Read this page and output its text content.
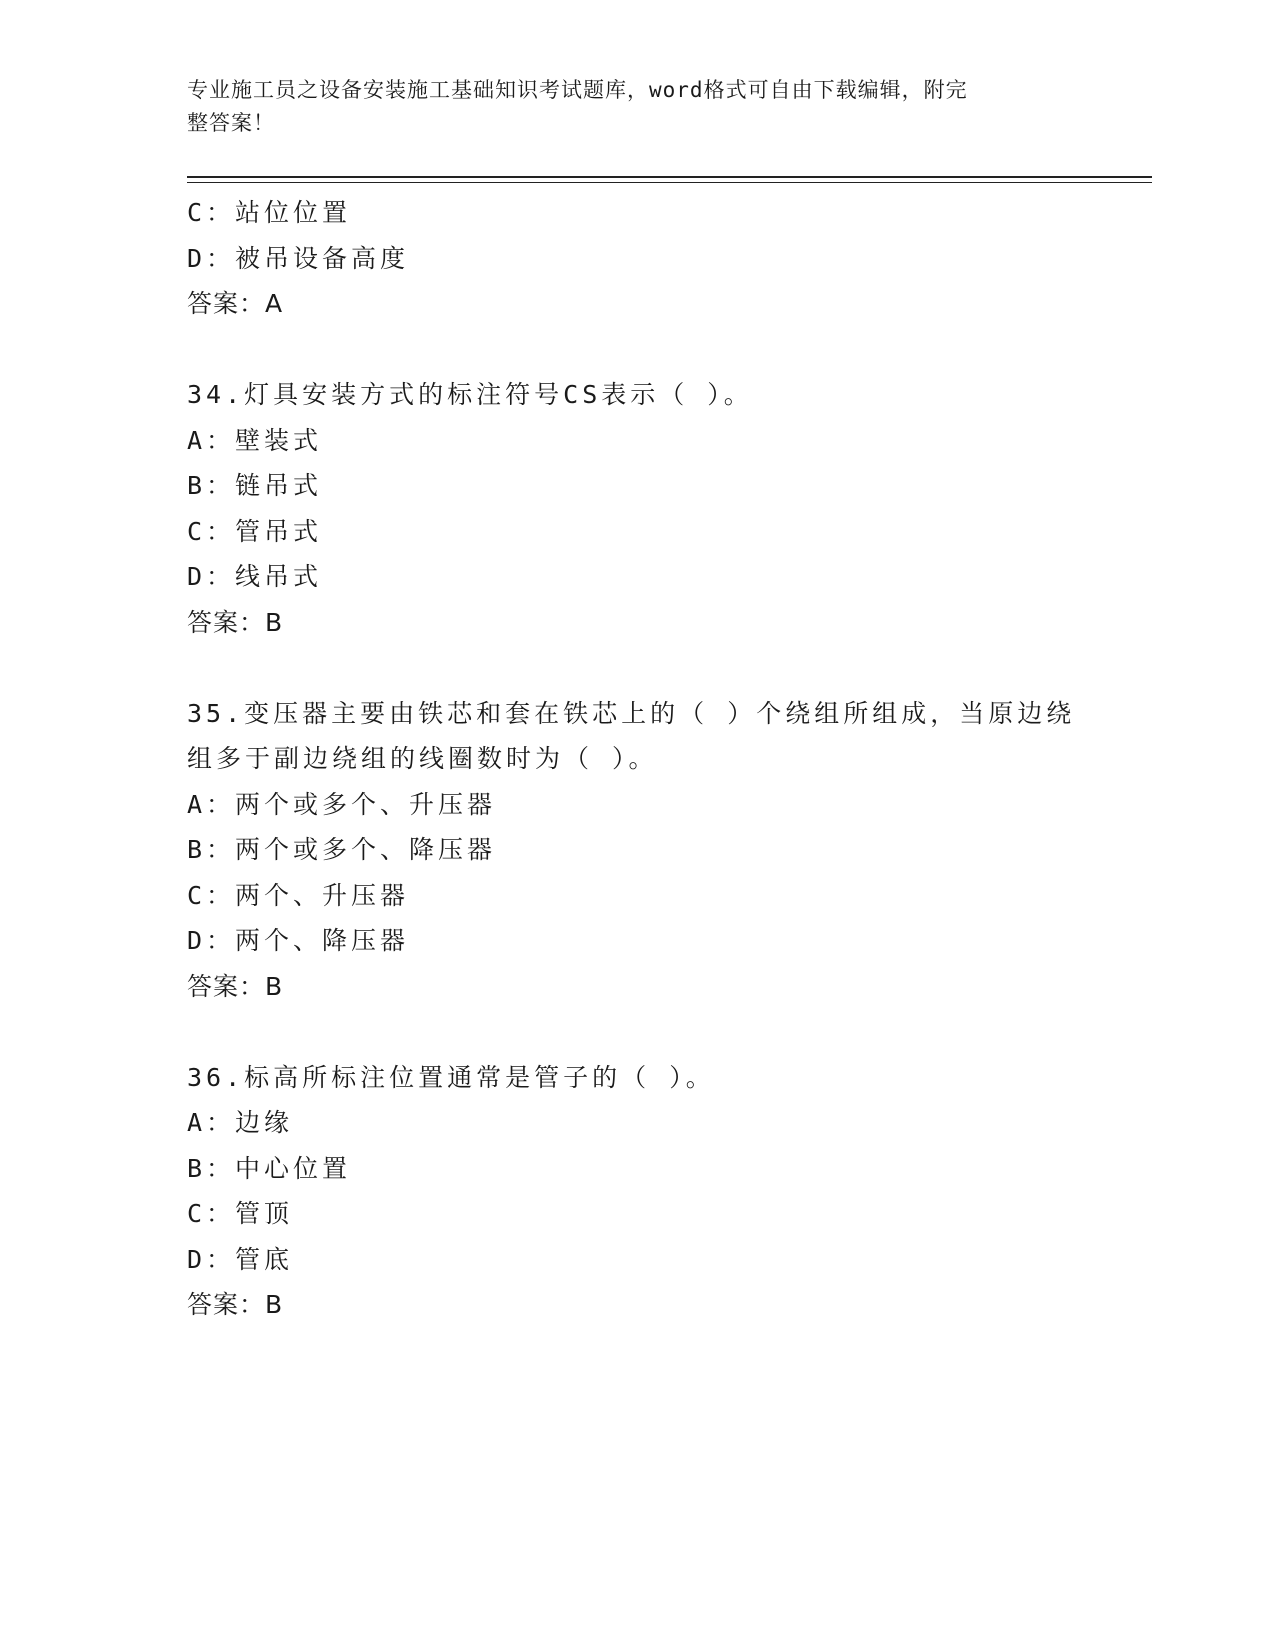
专业施工员之设备安装施工基础知识考试题库，word格式可自由下载编辑，附完
整答案！
C：站位位置
D：被吊设备高度
答案：A
34.灯具安装方式的标注符号CS表示（ ）。
A：壁装式
B：链吊式
C：管吊式
D：线吊式
答案：B
35.变压器主要由铁芯和套在铁芯上的（ ）个绕组所组成，当原边绕
组多于副边绕组的线圈数时为（ ）。
A：两个或多个、升压器
B：两个或多个、降压器
C：两个、升压器
D：两个、降压器
答案：B
36.标高所标注位置通常是管子的（ ）。
A：边缘
B：中心位置
C：管顶
D：管底
答案：B
